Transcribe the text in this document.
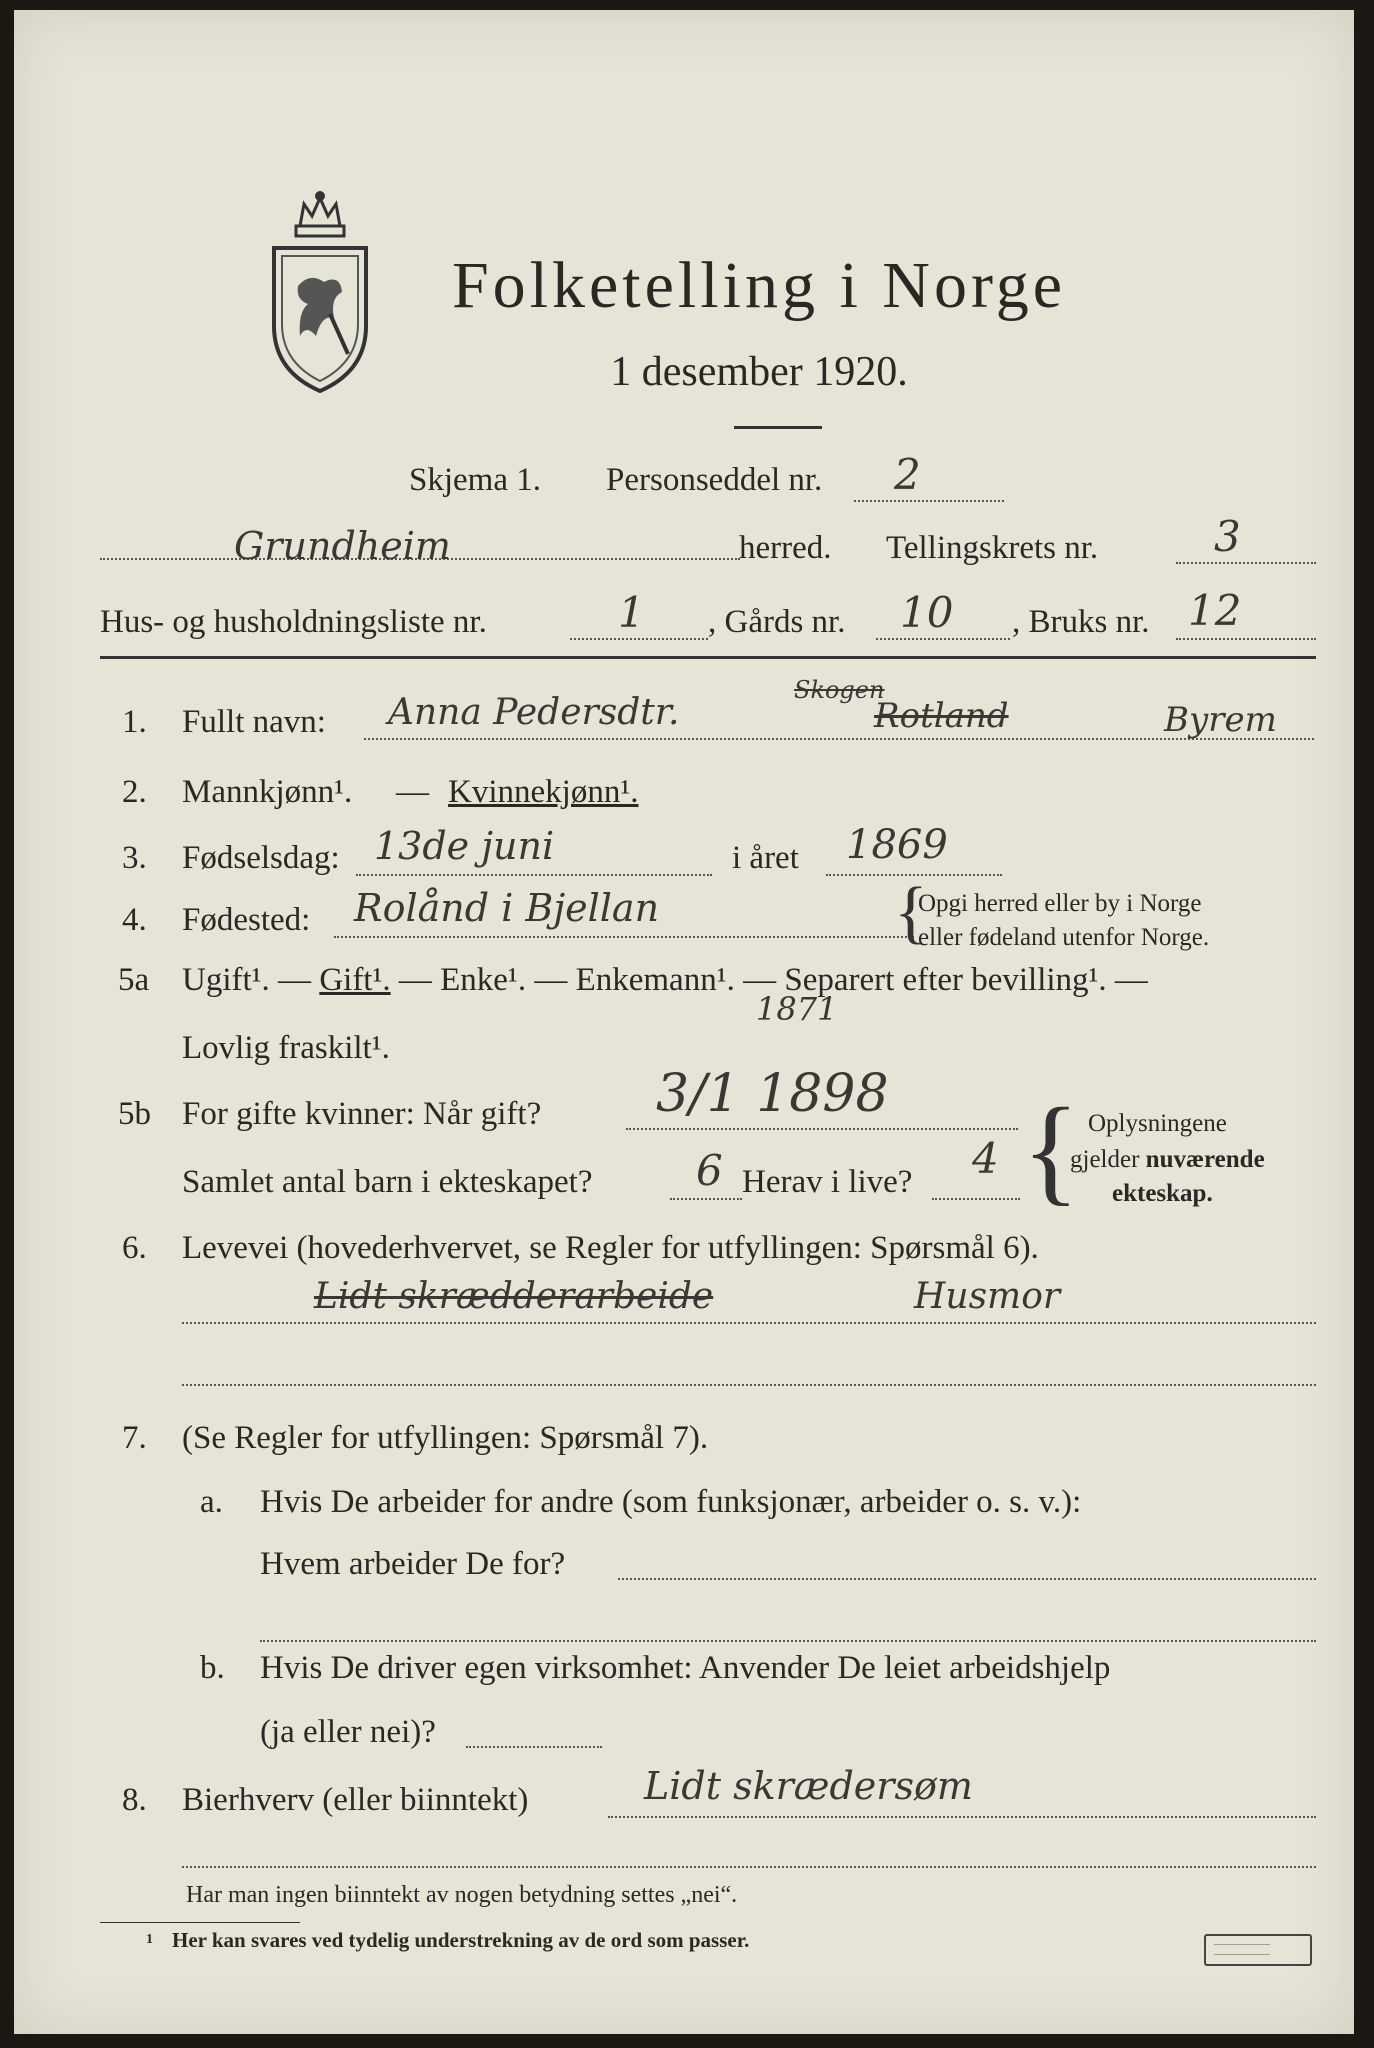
Folketelling i Norge
1 desember 1920.
Skjema 1. Personseddel nr. 2
Grundheim	herred. Tellingskrets nr.	3
Hus- og husholdningsliste nr.	1 , Gårds nr. 10 , Bruks nr. 12
1. Fullt navn: Anna Pedersdtr.
Skogen
Rotland	Byrem
2. Mannkjønn¹. — Kvinnekjønn¹.
3. Fødselsdag: 13de juni	i året 1869
4. Fødested: Rolånd i Bjellan	{
Opgi herred eller by i Norge
eller fødeland utenfor Norge.
5a Ugift¹. — Gift¹. — Enke¹. — Enkemann¹. — Separert efter bevilling¹. —
1871
Lovlig fraskilt¹.
5b For gifte kvinner: Når gift? 3/1 1898
Samlet antal barn i ekteskapet? 6 Herav i live? 4 { Oplysningene
gjelder nuværende
ekteskap.
6. Levevei (hovederhvervet, se Regler for utfyllingen: Spørsmål 6).
Lidt skrædderarbeide	Husmor
7. (Se Regler for utfyllingen: Spørsmål 7).
a. Hvis De arbeider for andre (som funksjonær, arbeider o. s. v.):
Hvem arbeider De for?
b. Hvis De driver egen virksomhet: Anvender De leiet arbeidshjelp
(ja eller nei)?
8. Bierhverv (eller biinntekt)	Lidt skrædersøm
Har man ingen biinntekt av nogen betydning settes „nei“.
1 Her kan svares ved tydelig understrekning av de ord som passer.	‒‒‒‒‒‒‒‒‒‒‒‒‒‒
‒‒‒‒‒‒‒‒‒‒‒‒‒‒
